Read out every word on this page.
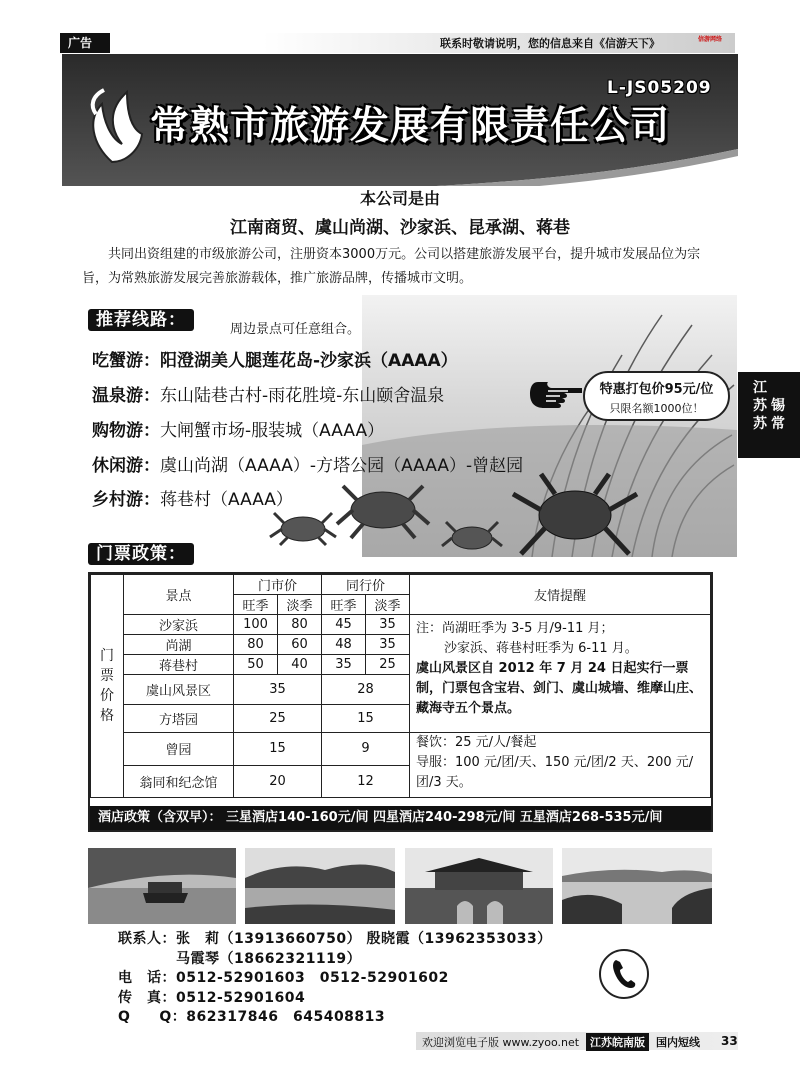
广告	联系时敬请说明，您的信息来自《信游天下》	信游网络
常熟市旅游发展有限责任公司
L-JS05209
本公司是由
江南商贸、虞山尚湖、沙家浜、昆承湖、蒋巷
共同出资组建的市级旅游公司，注册资本3000万元。公司以搭建旅游发展平台，提升城市发展品位为宗旨，为常熟旅游发展完善旅游载体，推广旅游品牌，传播城市文明。
推荐线路：	周边景点可任意组合。
吃蟹游：阳澄湖美人腿莲花岛-沙家浜（AAAA）
温泉游：东山陆巷古村-雨花胜境-东山颐舍温泉
购物游：大闸蟹市场-服装城（AAAA）
休闲游：虞山尚湖（AAAA）-方塔公园（AAAA）-曾赵园
乡村游：蒋巷村（AAAA）
特惠打包价95元/位
只限名额1000位！
门票政策：
门
票
价
格	景点	门市价		同行价		友情提醒
		旺季	淡季	旺季	淡季	
	沙家浜	100	80	45	35	注：尚湖旺季为 3-5 月/9-11 月；
沙家浜、蒋巷村旺季为 6-11 月。
虞山风景区自 2012 年 7 月 24 日起实行一票制，门票包含宝岩、剑门、虞山城墙、维摩山庄、藏海寺五个景点。

	尚湖	80	60	48	35	
	蒋巷村	50	40	35	25	
	虞山风景区	35		28		
	方塔园	25		15		
	曾园	15		9		餐饮：25 元/人/餐起
导服：100 元/团/天、150 元/团/2 天、200 元/团/3 天。

	翁同和纪念馆	20		12		
酒店政策（含双早）： 三星酒店140-160元/间 四星酒店240-298元/间 五星酒店268-535元/间
联系人：张　莉（13913660750） 殷晓霞（13962353033）
　　　　马霞琴（18662321119）
电　话：0512-52901603　0512-52901602
传　真：0512-52901604
Q　　Q：862317846　645408813
江
苏
苏
锡
常
欢迎浏览电子版 www.zyoo.net 江苏皖南版	国内短线 33
